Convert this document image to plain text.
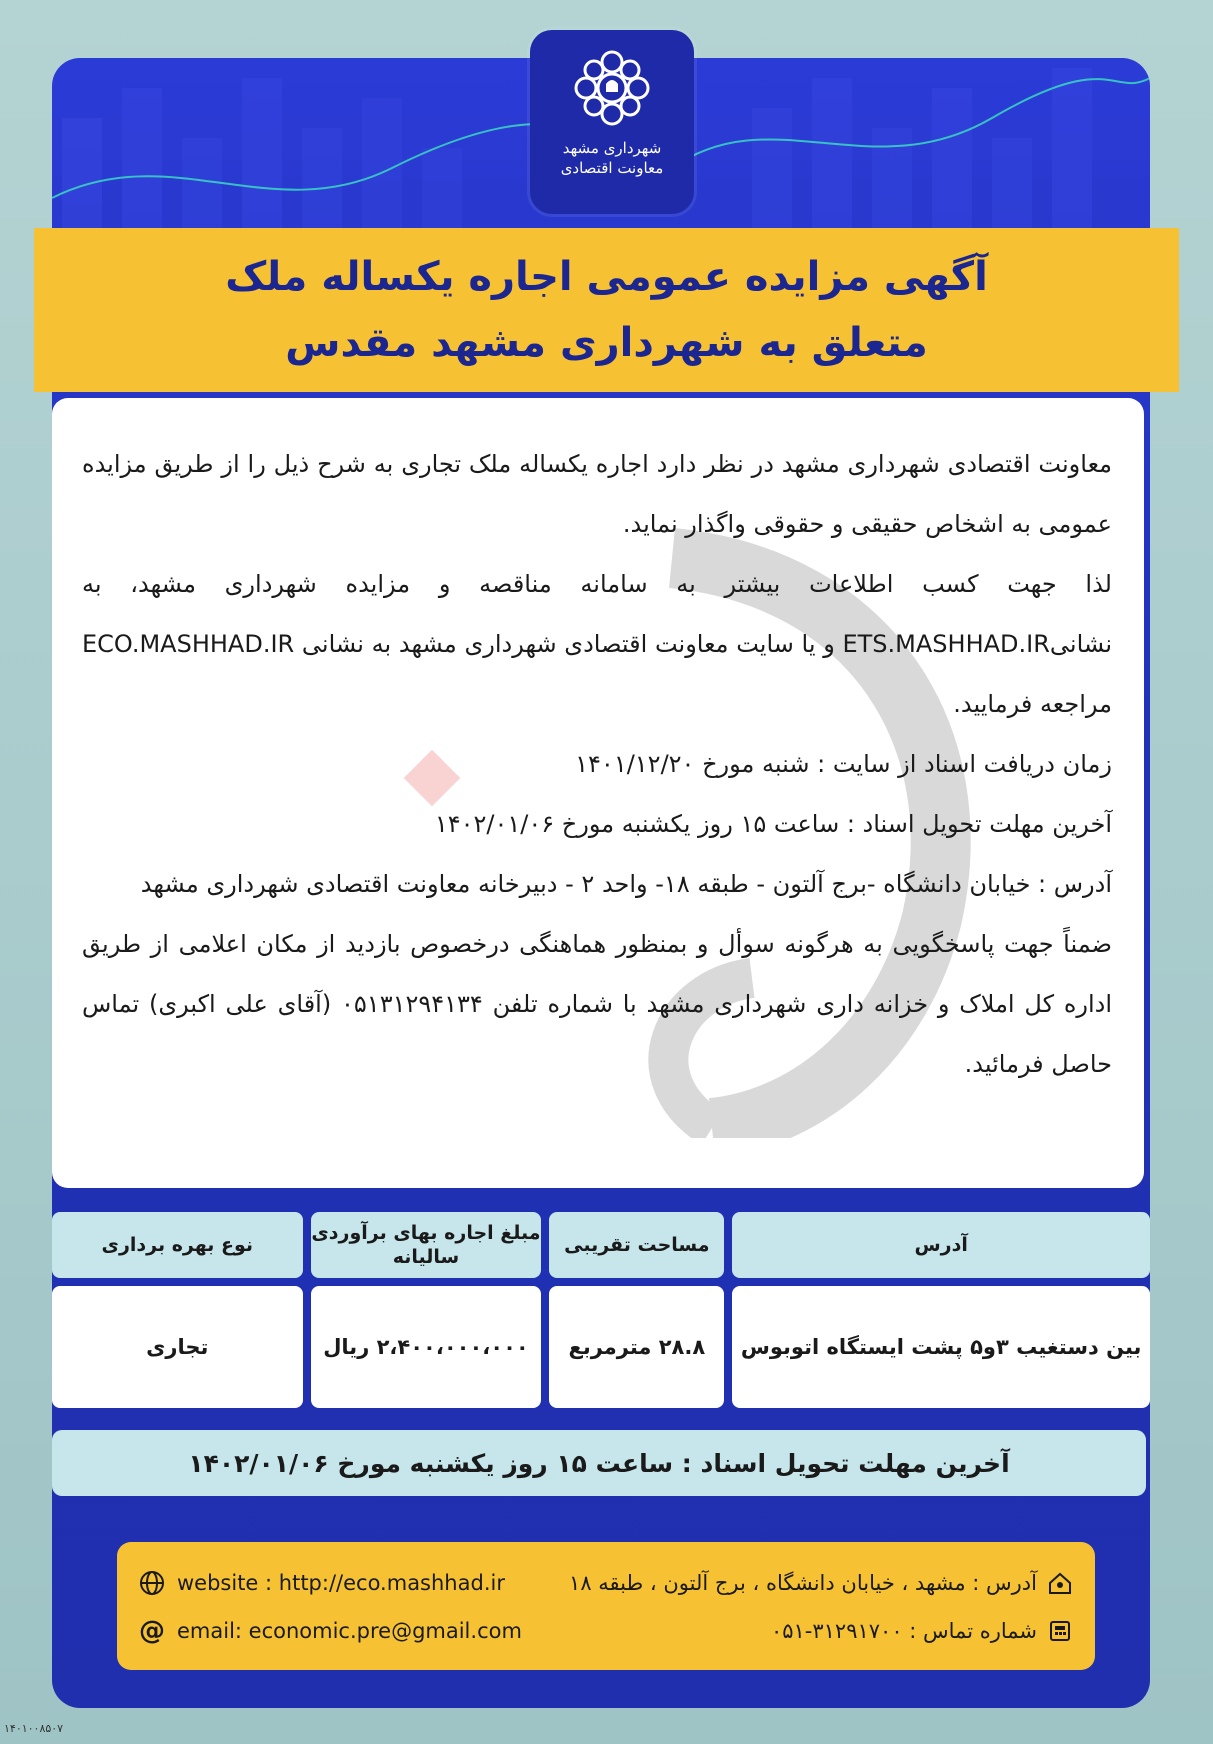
شهرداری مشهد
معاونت اقتصادی
آگهی مزایده عمومی اجاره یکساله ملک
متعلق به شهرداری مشهد مقدس

معاونت اقتصادی شهرداری مشهد در نظر دارد اجاره یکساله ملک تجاری به شرح ذیل را از طریق مزایده عمومی به اشخاص حقیقی و حقوقی واگذار نماید.

لذا جهت کسب اطلاعات بیشتر به سامانه مناقصه و مزایده شهرداری مشهد، به نشانیETS.MASHHAD.IR و یا سایت معاونت اقتصادی شهرداری مشهد به نشانی ECO.MASHHAD.IR مراجعه فرمایید.

زمان دریافت اسناد از سایت : شنبه مورخ ۱۴۰۱/۱۲/۲۰

آخرین مهلت تحویل اسناد : ساعت ۱۵ روز یکشنبه مورخ ۱۴۰۲/۰۱/۰۶

آدرس : خیابان دانشگاه -برج آلتون - طبقه ۱۸- واحد ۲ - دبیرخانه معاونت اقتصادی شهرداری مشهد

ضمناً جهت پاسخگویی به هرگونه سوأل و بمنظور هماهنگی درخصوص بازدید از مکان اعلامی از طریق اداره کل املاک و خزانه داری شهرداری مشهد با شماره تلفن ۰۵۱۳۱۲۹۴۱۳۴ (آقای علی اکبری) تماس حاصل فرمائید.

آدرس
مساحت تقریبی
مبلغ اجاره بهای برآوردی سالیانه
نوع بهره برداری
بین دستغیب ۳و۵ پشت ایستگاه اتوبوس
۲۸.۸ مترمربع
۲،۴۰۰،۰۰۰،۰۰۰ ریال
تجاری
آخرین مهلت تحویل اسناد : ساعت ۱۵ روز یکشنبه مورخ ۱۴۰۲/۰۱/۰۶
website : http://eco.mashhad.ir
@ email: economic.pre@gmail.com
آدرس : مشهد ، خیابان دانشگاه ، برج آلتون ، طبقه ۱۸
شماره تماس : ۳۱۲۹۱۷۰۰-۰۵۱
۱۴۰۱۰۰۸۵۰۷
